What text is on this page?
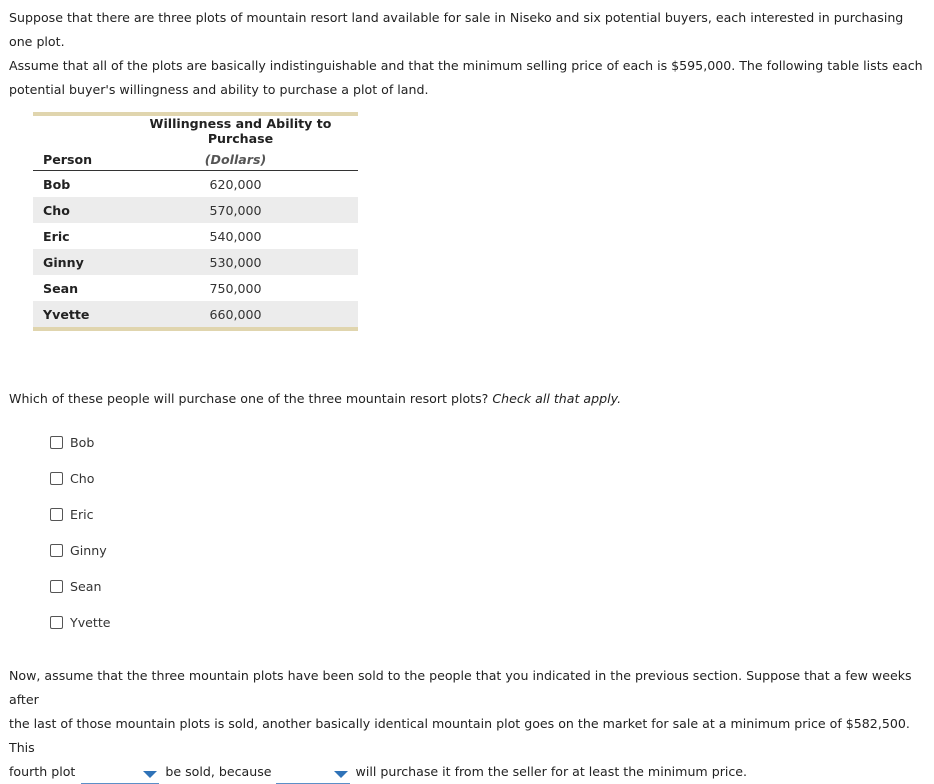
Suppose that there are three plots of mountain resort land available for sale in Niseko and six potential buyers, each interested in purchasing one plot.

Assume that all of the plots are basically indistinguishable and that the minimum selling price of each is $595,000. The following table lists each

potential buyer's willingness and ability to purchase a plot of land.

	Willingness and Ability to Purchase
Person	(Dollars)
Bob	620,000
Cho	570,000
Eric	540,000
Ginny	530,000
Sean	750,000
Yvette	660,000

Which of these people will purchase one of the three mountain resort plots? Check all that apply.

Bob
Cho
Eric
Ginny
Sean
Yvette
Now, assume that the three mountain plots have been sold to the people that you indicated in the previous section. Suppose that a few weeks after
the last of those mountain plots is sold, another basically identical mountain plot goes on the market for sale at a minimum price of $582,500. This
fourth plot	be sold, because	will purchase it from the seller for at least the minimum price.
